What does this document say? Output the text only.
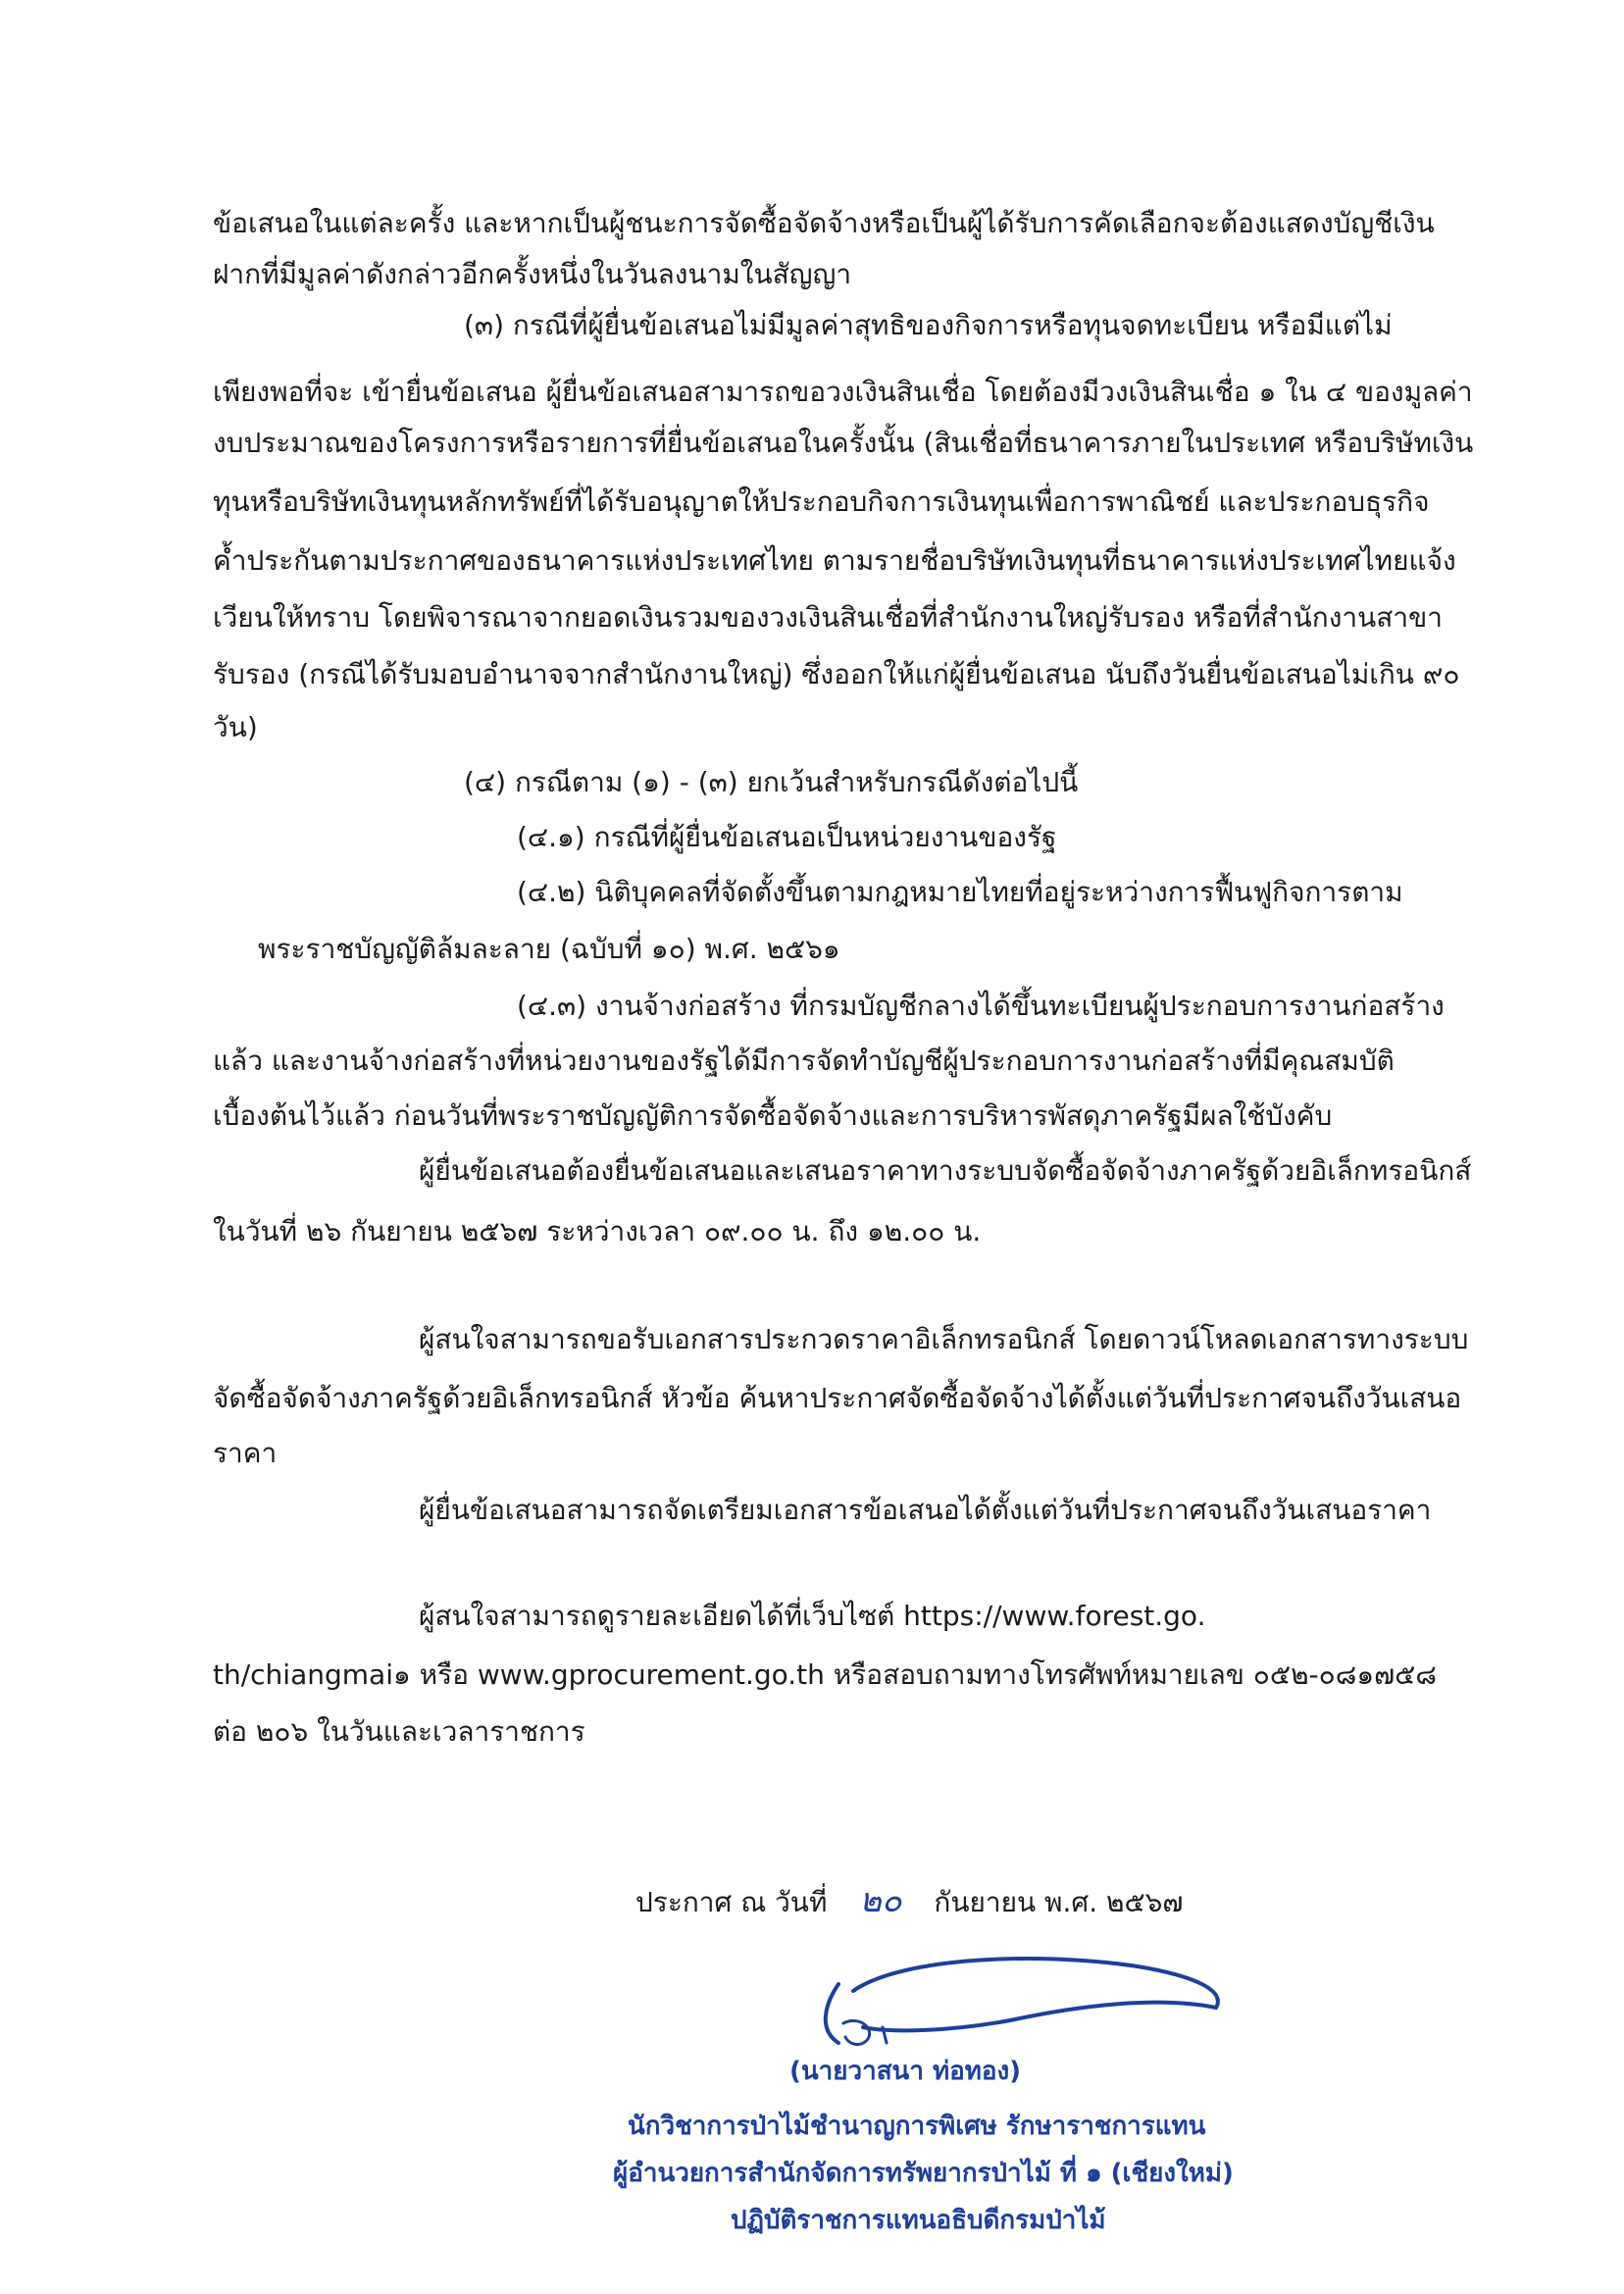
ข้อเสนอในแต่ละครั้ง และหากเป็นผู้ชนะการจัดซื้อจัดจ้างหรือเป็นผู้ได้รับการคัดเลือกจะต้องแสดงบัญชีเงิน
ฝากที่มีมูลค่าดังกล่าวอีกครั้งหนึ่งในวันลงนามในสัญญา
(๓) กรณีที่ผู้ยื่นข้อเสนอไม่มีมูลค่าสุทธิของกิจการหรือทุนจดทะเบียน หรือมีแต่ไม่
เพียงพอที่จะ เข้ายื่นข้อเสนอ ผู้ยื่นข้อเสนอสามารถขอวงเงินสินเชื่อ โดยต้องมีวงเงินสินเชื่อ ๑ ใน ๔ ของมูลค่า
งบประมาณของโครงการหรือรายการที่ยื่นข้อเสนอในครั้งนั้น (สินเชื่อที่ธนาคารภายในประเทศ หรือบริษัทเงิน
ทุนหรือบริษัทเงินทุนหลักทรัพย์ที่ได้รับอนุญาตให้ประกอบกิจการเงินทุนเพื่อการพาณิชย์ และประกอบธุรกิจ
ค้ำประกันตามประกาศของธนาคารแห่งประเทศไทย ตามรายชื่อบริษัทเงินทุนที่ธนาคารแห่งประเทศไทยแจ้ง
เวียนให้ทราบ โดยพิจารณาจากยอดเงินรวมของวงเงินสินเชื่อที่สำนักงานใหญ่รับรอง หรือที่สำนักงานสาขา
รับรอง (กรณีได้รับมอบอำนาจจากสำนักงานใหญ่) ซึ่งออกให้แก่ผู้ยื่นข้อเสนอ นับถึงวันยื่นข้อเสนอไม่เกิน ๙๐
วัน)
(๔) กรณีตาม (๑) - (๓) ยกเว้นสำหรับกรณีดังต่อไปนี้
(๔.๑) กรณีที่ผู้ยื่นข้อเสนอเป็นหน่วยงานของรัฐ
(๔.๒) นิติบุคคลที่จัดตั้งขึ้นตามกฎหมายไทยที่อยู่ระหว่างการฟื้นฟูกิจการตาม
พระราชบัญญัติล้มละลาย (ฉบับที่ ๑๐) พ.ศ. ๒๕๖๑
(๔.๓) งานจ้างก่อสร้าง ที่กรมบัญชีกลางได้ขึ้นทะเบียนผู้ประกอบการงานก่อสร้าง
แล้ว และงานจ้างก่อสร้างที่หน่วยงานของรัฐได้มีการจัดทำบัญชีผู้ประกอบการงานก่อสร้างที่มีคุณสมบัติ
เบื้องต้นไว้แล้ว ก่อนวันที่พระราชบัญญัติการจัดซื้อจัดจ้างและการบริหารพัสดุภาครัฐมีผลใช้บังคับ
ผู้ยื่นข้อเสนอต้องยื่นข้อเสนอและเสนอราคาทางระบบจัดซื้อจัดจ้างภาครัฐด้วยอิเล็กทรอนิกส์
ในวันที่ ๒๖ กันยายน ๒๕๖๗ ระหว่างเวลา ๐๙.๐๐ น. ถึง ๑๒.๐๐ น.
ผู้สนใจสามารถขอรับเอกสารประกวดราคาอิเล็กทรอนิกส์ โดยดาวน์โหลดเอกสารทางระบบ
จัดซื้อจัดจ้างภาครัฐด้วยอิเล็กทรอนิกส์ หัวข้อ ค้นหาประกาศจัดซื้อจัดจ้างได้ตั้งแต่วันที่ประกาศจนถึงวันเสนอ
ราคา
ผู้ยื่นข้อเสนอสามารถจัดเตรียมเอกสารข้อเสนอได้ตั้งแต่วันที่ประกาศจนถึงวันเสนอราคา
ผู้สนใจสามารถดูรายละเอียดได้ที่เว็บไซต์ https://www.forest.go.
th/chiangmai๑ หรือ www.gprocurement.go.th หรือสอบถามทางโทรศัพท์หมายเลข ๐๕๒-๐๘๑๗๕๘
ต่อ ๒๐๖ ในวันและเวลาราชการ
ประกาศ ณ วันที่ ๒๐ กันยายน พ.ศ. ๒๕๖๗
(นายวาสนา ท่อทอง)
นักวิชาการป่าไม้ชำนาญการพิเศษ รักษาราชการแทน
ผู้อำนวยการสำนักจัดการทรัพยากรป่าไม้ ที่ ๑ (เชียงใหม่)
ปฏิบัติราชการแทนอธิบดีกรมป่าไม้
